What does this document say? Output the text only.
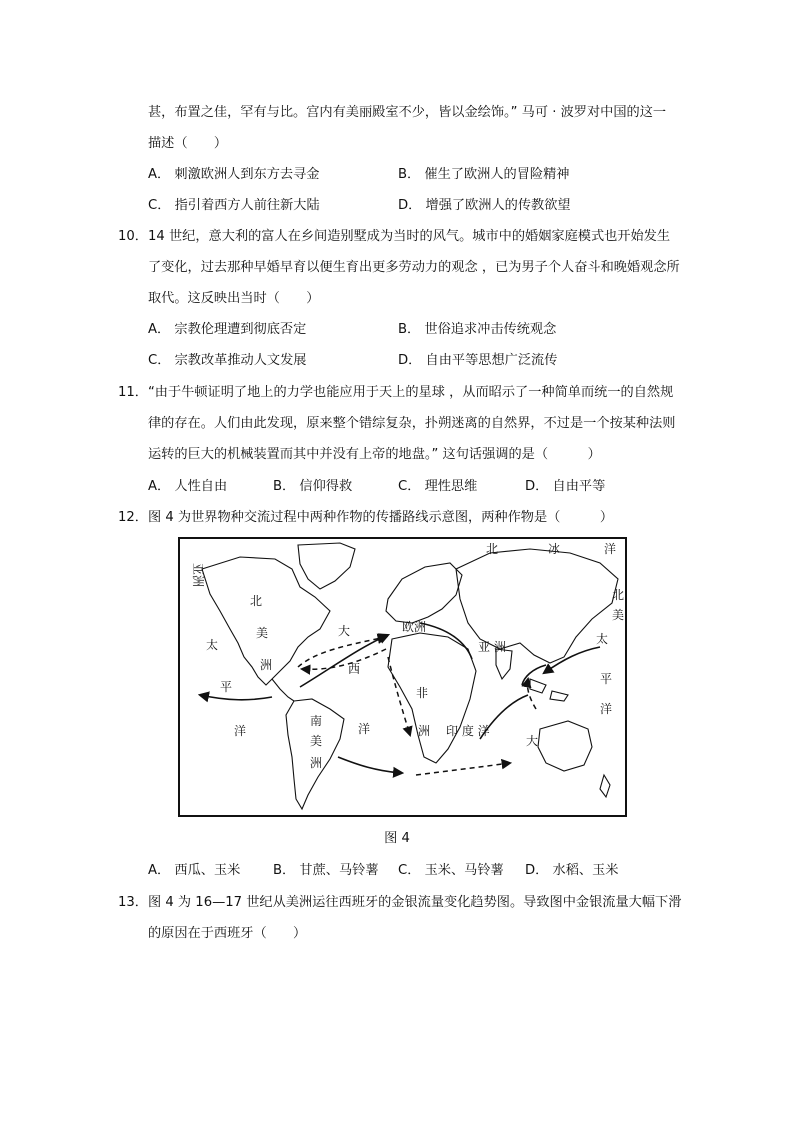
甚，布置之佳，罕有与比。宫内有美丽殿室不少，皆以金绘饰。” 马可 · 波罗对中国的这一
描述（　　）
A． 刺激欧洲人到东方去寻金	B． 催生了欧洲人的冒险精神
C． 指引着西方人前往新大陆	D． 增强了欧洲人的传教欲望
10．14 世纪，意大利的富人在乡间造别墅成为当时的风气。城市中的婚姻家庭模式也开始发生
了变化，过去那种早婚早育以便生育出更多劳动力的观念 ，已为男子个人奋斗和晚婚观念所
取代。这反映出当时（　　）
A． 宗教伦理遭到彻底否定	B． 世俗追求冲击传统观念
C． 宗教改革推动人文发展	D． 自由平等思想广泛流传
11．“由于牛顿证明了地上的力学也能应用于天上的星球 ，从而昭示了一种简单而统一的自然规
律的存在。人们由此发现，原来整个错综复杂，扑朔迷离的自然界，不过是一个按某种法则
运转的巨大的机械装置而其中并没有上帝的地盘。” 这句话强调的是（　　　）
A． 人性自由	B． 信仰得救	C． 理性思维	D． 自由平等
12．图 4 为世界物种交流过程中两种作物的传播路线示意图，两种作物是（　　　）
北	冰	洋
亚洲
北
美
洲
太
平
洋
大
西
洋
欧洲
亚 洲
非
洲
南
美
洲
印 度 洋
大
北
美
太
平
洋
图 4
A． 西瓜、玉米 B． 甘蔗、马铃薯 C． 玉米、马铃薯 D． 水稻、玉米
13．图 4 为 16—17 世纪从美洲运往西班牙的金银流量变化趋势图。导致图中金银流量大幅下滑
的原因在于西班牙（　　）
